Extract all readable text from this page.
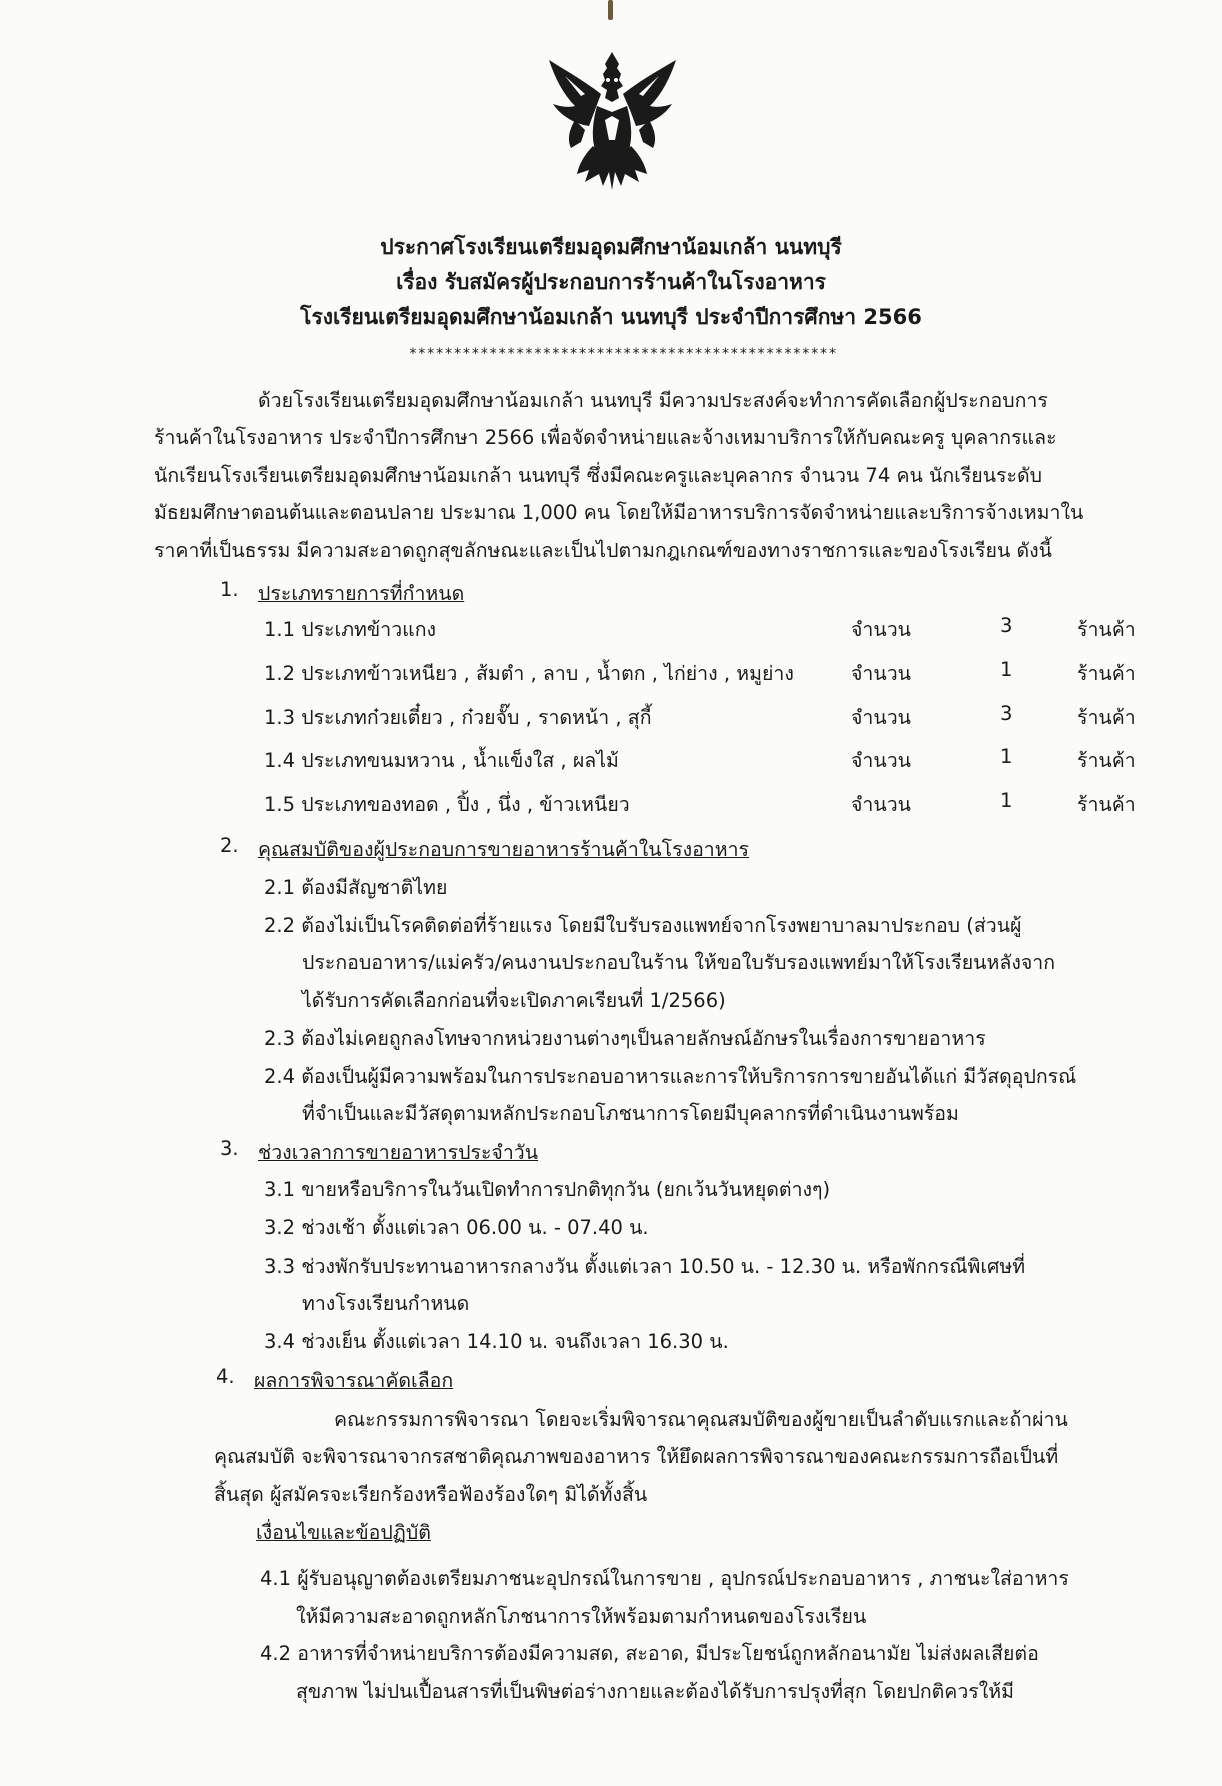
ประกาศโรงเรียนเตรียมอุดมศึกษาน้อมเกล้า นนทบุรี
เรื่อง รับสมัครผู้ประกอบการร้านค้าในโรงอาหาร
โรงเรียนเตรียมอุดมศึกษาน้อมเกล้า นนทบุรี ประจำปีการศึกษา 2566
************************************************
ด้วยโรงเรียนเตรียมอุดมศึกษาน้อมเกล้า นนทบุรี มีความประสงค์จะทำการคัดเลือกผู้ประกอบการ
ร้านค้าในโรงอาหาร ประจำปีการศึกษา 2566 เพื่อจัดจำหน่ายและจ้างเหมาบริการให้กับคณะครู บุคลากรและ
นักเรียนโรงเรียนเตรียมอุดมศึกษาน้อมเกล้า นนทบุรี ซึ่งมีคณะครูและบุคลากร จำนวน 74 คน นักเรียนระดับ
มัธยมศึกษาตอนต้นและตอนปลาย ประมาณ 1,000 คน โดยให้มีอาหารบริการจัดจำหน่ายและบริการจ้างเหมาใน
ราคาที่เป็นธรรม มีความสะอาดถูกสุขลักษณะและเป็นไปตามกฎเกณฑ์ของทางราชการและของโรงเรียน ดังนี้
1. ประเภทรายการที่กำหนด
1.1 ประเภทข้าวแกง	จำนวน	3	ร้านค้า
1.2 ประเภทข้าวเหนียว , ส้มตำ , ลาบ , น้ำตก , ไก่ย่าง , หมูย่าง	จำนวน	1	ร้านค้า
1.3 ประเภทก๋วยเตี๋ยว , ก๋วยจั๊บ , ราดหน้า , สุกี้	จำนวน	3	ร้านค้า
1.4 ประเภทขนมหวาน , น้ำแข็งใส , ผลไม้	จำนวน	1	ร้านค้า
1.5 ประเภทของทอด , ปิ้ง , นึ่ง , ข้าวเหนียว	จำนวน	1	ร้านค้า
2. คุณสมบัติของผู้ประกอบการขายอาหารร้านค้าในโรงอาหาร
2.1 ต้องมีสัญชาติไทย
2.2 ต้องไม่เป็นโรคติดต่อที่ร้ายแรง โดยมีใบรับรองแพทย์จากโรงพยาบาลมาประกอบ (ส่วนผู้
ประกอบอาหาร/แม่ครัว/คนงานประกอบในร้าน ให้ขอใบรับรองแพทย์มาให้โรงเรียนหลังจาก
ได้รับการคัดเลือกก่อนที่จะเปิดภาคเรียนที่ 1/2566)
2.3 ต้องไม่เคยถูกลงโทษจากหน่วยงานต่างๆเป็นลายลักษณ์อักษรในเรื่องการขายอาหาร
2.4 ต้องเป็นผู้มีความพร้อมในการประกอบอาหารและการให้บริการการขายอันได้แก่ มีวัสดุอุปกรณ์
ที่จำเป็นและมีวัสดุตามหลักประกอบโภชนาการโดยมีบุคลากรที่ดำเนินงานพร้อม
3. ช่วงเวลาการขายอาหารประจำวัน
3.1 ขายหรือบริการในวันเปิดทำการปกติทุกวัน (ยกเว้นวันหยุดต่างๆ)
3.2 ช่วงเช้า ตั้งแต่เวลา 06.00 น. - 07.40 น.
3.3 ช่วงพักรับประทานอาหารกลางวัน ตั้งแต่เวลา 10.50 น. - 12.30 น. หรือพักกรณีพิเศษที่
ทางโรงเรียนกำหนด
3.4 ช่วงเย็น ตั้งแต่เวลา 14.10 น. จนถึงเวลา 16.30 น.
4. ผลการพิจารณาคัดเลือก
คณะกรรมการพิจารณา โดยจะเริ่มพิจารณาคุณสมบัติของผู้ขายเป็นลำดับแรกและถ้าผ่าน
คุณสมบัติ จะพิจารณาจากรสชาติคุณภาพของอาหาร ให้ยึดผลการพิจารณาของคณะกรรมการถือเป็นที่
สิ้นสุด ผู้สมัครจะเรียกร้องหรือฟ้องร้องใดๆ มิได้ทั้งสิ้น
เงื่อนไขและข้อปฏิบัติ
4.1 ผู้รับอนุญาตต้องเตรียมภาชนะอุปกรณ์ในการขาย , อุปกรณ์ประกอบอาหาร , ภาชนะใส่อาหาร
ให้มีความสะอาดถูกหลักโภชนาการให้พร้อมตามกำหนดของโรงเรียน
4.2 อาหารที่จำหน่ายบริการต้องมีความสด, สะอาด, มีประโยชน์ถูกหลักอนามัย ไม่ส่งผลเสียต่อ
สุขภาพ ไม่ปนเปื้อนสารที่เป็นพิษต่อร่างกายและต้องได้รับการปรุงที่สุก โดยปกติควรให้มี
